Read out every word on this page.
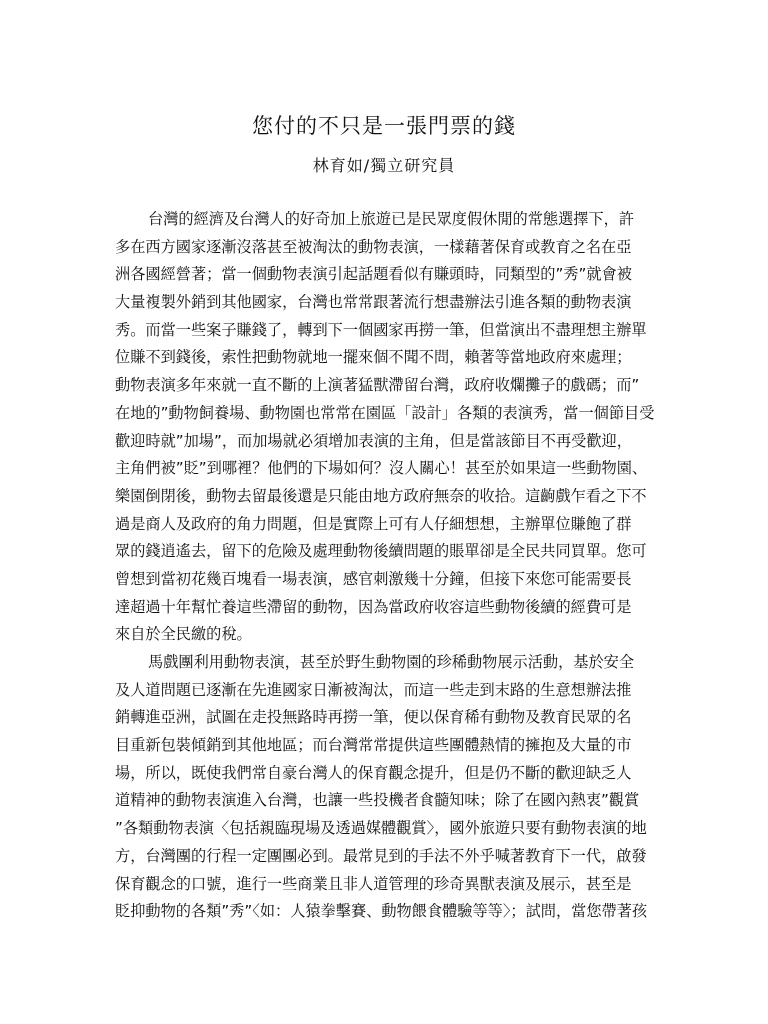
您付的不只是一張門票的錢
林育如/獨立研究員
台灣的經濟及台灣人的好奇加上旅遊已是民眾度假休閒的常態選擇下，許
多在西方國家逐漸沒落甚至被淘汰的動物表演，一樣藉著保育或教育之名在亞
洲各國經營著；當一個動物表演引起話題看似有賺頭時，同類型的”秀”就會被
大量複製外銷到其他國家，台灣也常常跟著流行想盡辦法引進各類的動物表演
秀。而當一些案子賺錢了，轉到下一個國家再撈一筆，但當演出不盡理想主辦單
位賺不到錢後，索性把動物就地一擺來個不聞不問，賴著等當地政府來處理；
動物表演多年來就一直不斷的上演著猛獸滯留台灣，政府收爛攤子的戲碼；而”
在地的”動物飼養場、動物園也常常在園區「設計」各類的表演秀，當一個節目受
歡迎時就”加場”，而加場就必須增加表演的主角，但是當該節目不再受歡迎，
主角們被”貶”到哪裡？他們的下場如何？沒人關心！甚至於如果這一些動物園、
樂園倒閉後，動物去留最後還是只能由地方政府無奈的收拾。這齣戲乍看之下不
過是商人及政府的角力問題，但是實際上可有人仔細想想，主辦單位賺飽了群
眾的錢逍遙去，留下的危險及處理動物後續問題的賬單卻是全民共同買單。您可
曾想到當初花幾百塊看一場表演，感官刺激幾十分鐘，但接下來您可能需要長
達超過十年幫忙養這些滯留的動物，因為當政府收容這些動物後續的經費可是
來自於全民繳的稅。
馬戲團利用動物表演，甚至於野生動物園的珍稀動物展示活動，基於安全
及人道問題已逐漸在先進國家日漸被淘汰，而這一些走到末路的生意想辦法推
銷轉進亞洲，試圖在走投無路時再撈一筆，便以保育稀有動物及教育民眾的名
目重新包裝傾銷到其他地區；而台灣常常提供這些團體熱情的擁抱及大量的市
場，所以，既使我們常自豪台灣人的保育觀念提升，但是仍不斷的歡迎缺乏人
道精神的動物表演進入台灣，也讓一些投機者食髓知味；除了在國內熱衷”觀賞
”各類動物表演〈包括親臨現場及透過媒體觀賞〉，國外旅遊只要有動物表演的地
方，台灣團的行程一定團團必到。最常見到的手法不外乎喊著教育下一代，啟發
保育觀念的口號，進行一些商業且非人道管理的珍奇異獸表演及展示，甚至是
貶抑動物的各類”秀”〈如：人猿拳擊賽、動物餵食體驗等等〉；試問，當您帶著孩
